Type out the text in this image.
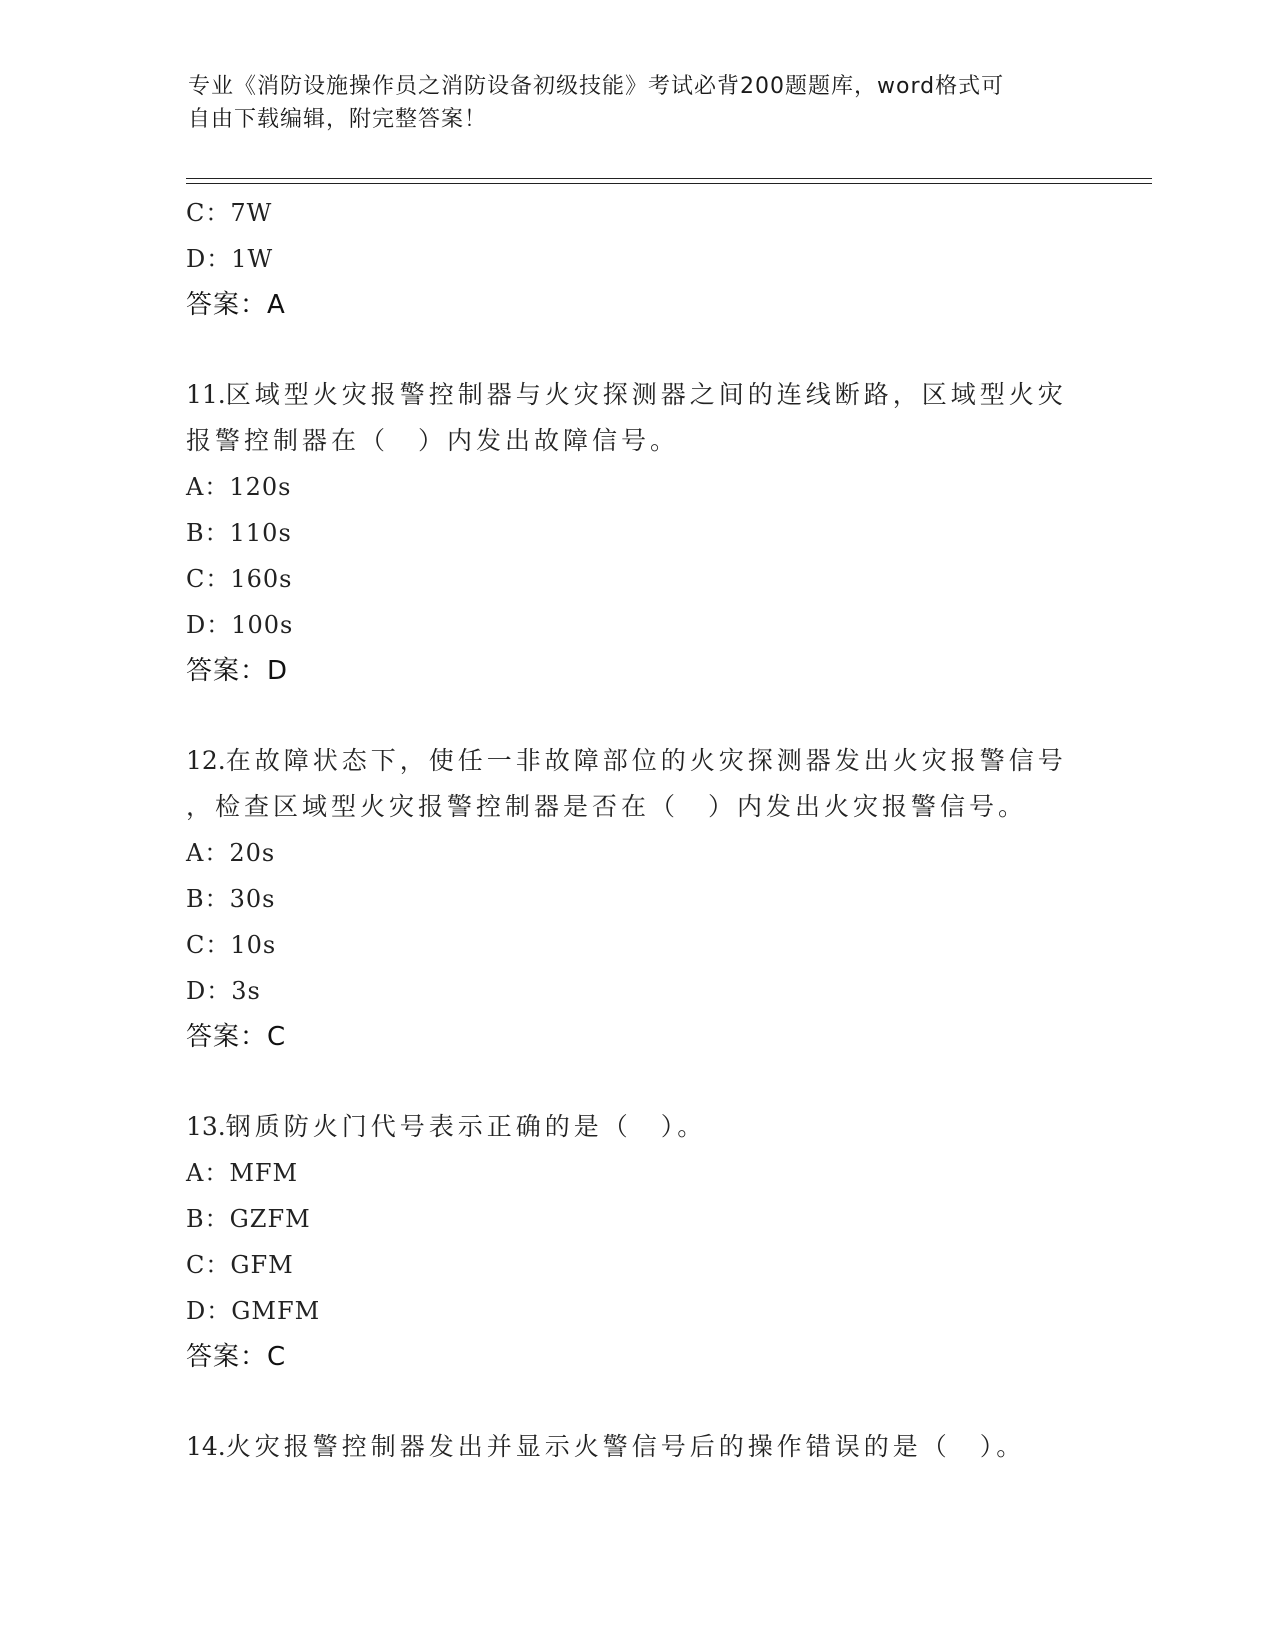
专业《消防设施操作员之消防设备初级技能》考试必背200题题库，word格式可
自由下载编辑，附完整答案！
C：7W
D：1W
答案：A
11.区域型火灾报警控制器与火灾探测器之间的连线断路，区域型火灾
报警控制器在（　）内发出故障信号。
A：120s
B：110s
C：160s
D：100s
答案：D
12.在故障状态下，使任一非故障部位的火灾探测器发出火灾报警信号
，检查区域型火灾报警控制器是否在（　）内发出火灾报警信号。
A：20s
B：30s
C：10s
D：3s
答案：C
13.钢质防火门代号表示正确的是（　）。
A：MFM
B：GZFM
C：GFM
D：GMFM
答案：C
14.火灾报警控制器发出并显示火警信号后的操作错误的是（　）。
